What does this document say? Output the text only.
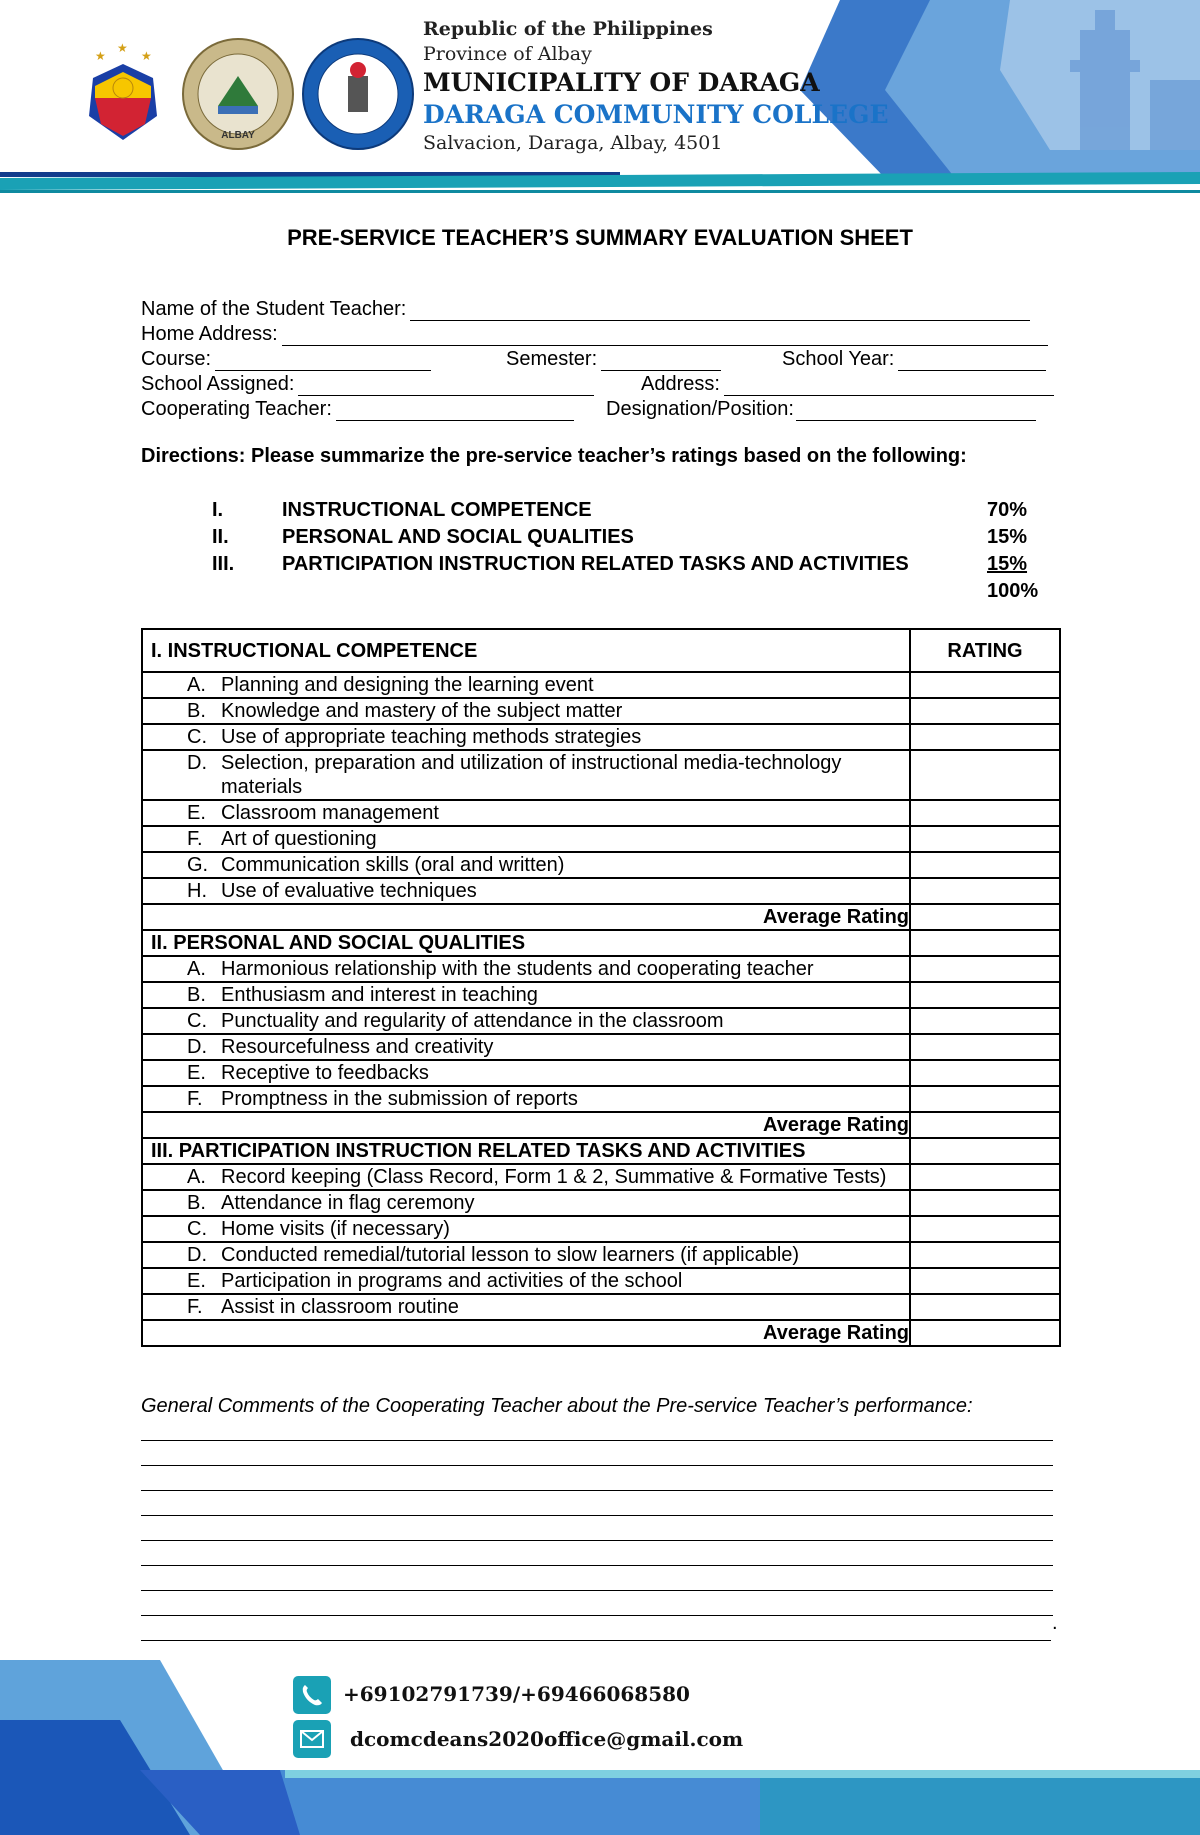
★
★
★
ALBAY
Republic of the Philippines
Province of Albay
MUNICIPALITY OF DARAGA
DARAGA COMMUNITY COLLEGE
Salvacion, Daraga, Albay, 4501
PRE-SERVICE TEACHER’S SUMMARY EVALUATION SHEET
Name of the Student Teacher:
Home Address:
Course:	Semester:	School Year:
School Assigned:	Address:
Cooperating Teacher:	Designation/Position:
Directions: Please summarize the pre-service teacher’s ratings based on the following:
I.	INSTRUCTIONAL COMPETENCE	70%
II.	PERSONAL AND SOCIAL QUALITIES	15%
III. PARTICIPATION INSTRUCTION RELATED TASKS AND ACTIVITIES	15%
100%
I. INSTRUCTIONAL COMPETENCE	RATING
A. Planning and designing the learning event	
B. Knowledge and mastery of the subject matter	
C. Use of appropriate teaching methods strategies	
D. Selection, preparation and utilization of instructional media-technology materials	
E. Classroom management	
F. Art of questioning	
G. Communication skills (oral and written)	
H. Use of evaluative techniques	
Average Rating	
II. PERSONAL AND SOCIAL QUALITIES	
A. Harmonious relationship with the students and cooperating teacher	
B. Enthusiasm and interest in teaching	
C. Punctuality and regularity of attendance in the classroom	
D. Resourcefulness and creativity	
E. Receptive to feedbacks	
F. Promptness in the submission of reports	
Average Rating	
III. PARTICIPATION INSTRUCTION RELATED TASKS AND ACTIVITIES	
A. Record keeping (Class Record, Form 1 & 2, Summative & Formative Tests)	
B. Attendance in flag ceremony	
C. Home visits (if necessary)	
D. Conducted remedial/tutorial lesson to slow learners (if applicable)	
E. Participation in programs and activities of the school	
F. Assist in classroom routine	
Average Rating	
General Comments of the Cooperating Teacher about the Pre-service Teacher’s performance:
.
+69102791739/+69466068580
dcomcdeans2020office@gmail.com
